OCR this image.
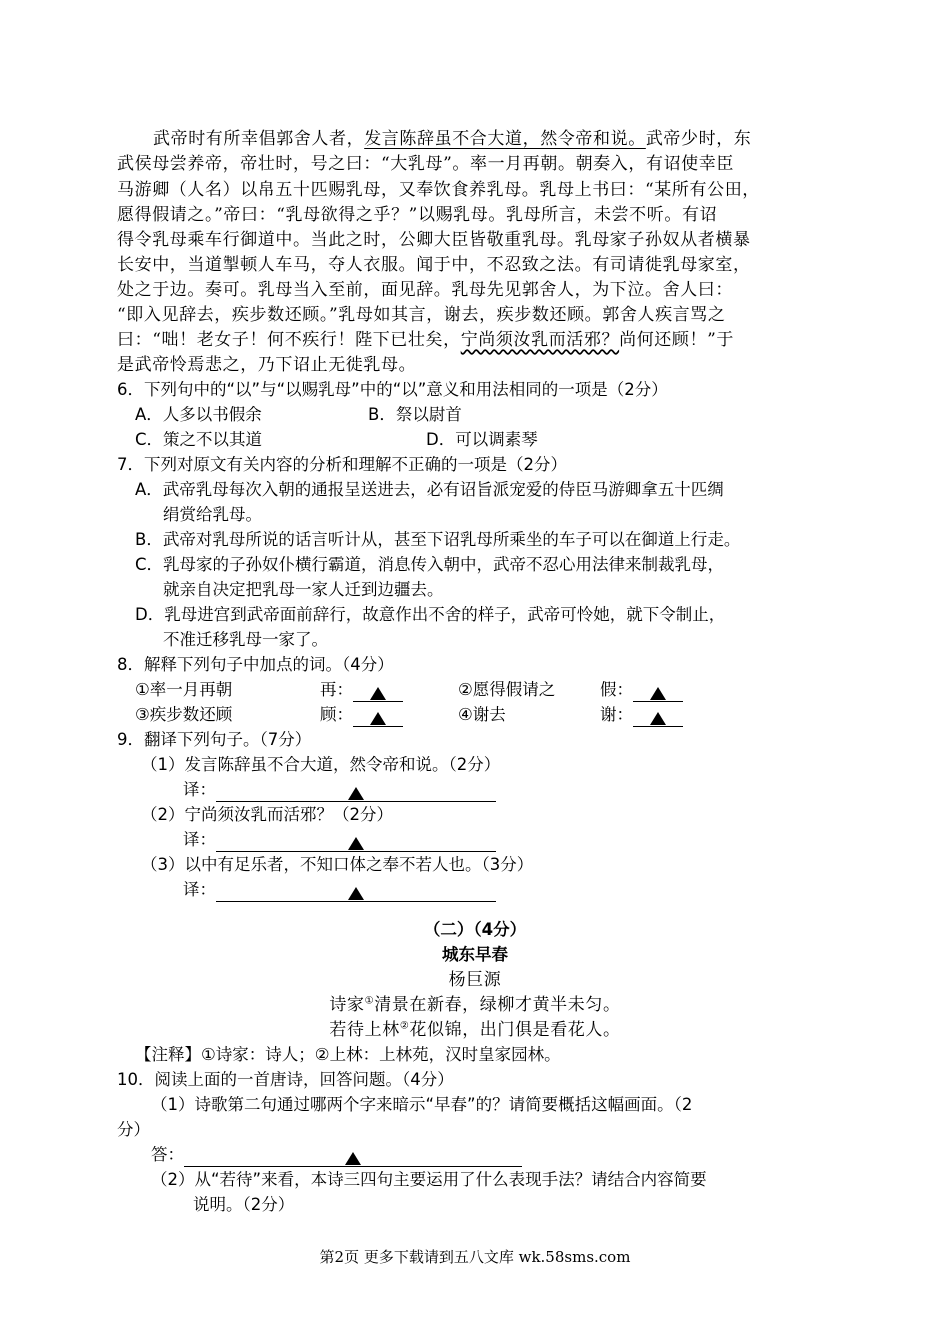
武帝时有所幸倡郭舍人者，发言陈辞虽不合大道，然令帝和说。武帝少时，东
武侯母尝养帝，帝壮时，号之曰：“大乳母”。率一月再朝。朝奏入，有诏使幸臣
马游卿（人名）以帛五十匹赐乳母，又奉饮食养乳母。乳母上书曰：“某所有公田，
愿得假请之。”帝曰：“乳母欲得之乎？”以赐乳母。乳母所言，未尝不听。有诏
得令乳母乘车行御道中。当此之时，公卿大臣皆敬重乳母。乳母家子孙奴从者横暴
长安中，当道掣顿人车马，夺人衣服。闻于中，不忍致之法。有司请徙乳母家室，
处之于边。奏可。乳母当入至前，面见辞。乳母先见郭舍人，为下泣。舍人曰：
“即入见辞去，疾步数还顾。”乳母如其言，谢去，疾步数还顾。郭舍人疾言骂之
曰：“咄！老女子！何不疾行！陛下已壮矣，宁尚须汝乳而活邪？尚何还顾！”于
是武帝怜焉悲之，乃下诏止无徙乳母。
6．下列句中的“以”与“以赐乳母”中的“以”意义和用法相同的一项是（2分）
A．人多以书假余	B．祭以尉首
C．策之不以其道	D．可以调素琴
7．下列对原文有关内容的分析和理解不正确的一项是（2分）
A．武帝乳母每次入朝的通报呈送进去，必有诏旨派宠爱的侍臣马游卿拿五十匹绸
绢赏给乳母。
B．武帝对乳母所说的话言听计从，甚至下诏乳母所乘坐的车子可以在御道上行走。
C．乳母家的子孙奴仆横行霸道，消息传入朝中，武帝不忍心用法律来制裁乳母，
就亲自决定把乳母一家人迁到边疆去。
D．乳母进宫到武帝面前辞行，故意作出不舍的样子，武帝可怜她，就下令制止，
不准迁移乳母一家了。
8．解释下列句子中加点的词。（4分）
①率一月再朝	再：	②愿得假请之	假：
③疾步数还顾	顾：	④谢去	谢：
9．翻译下列句子。（7分）
（1）发言陈辞虽不合大道，然令帝和说。（2分）
译：
（2）宁尚须汝乳而活邪？（2分）
译：
（3）以中有足乐者，不知口体之奉不若人也。（3分）
译：
（二）（4分）
城东早春
杨巨源
诗家①清景在新春，绿柳才黄半未匀。
若待上林②花似锦，出门俱是看花人。
【注释】①诗家：诗人；②上林：上林苑，汉时皇家园林。
10．阅读上面的一首唐诗，回答问题。（4分）
（1）诗歌第二句通过哪两个字来暗示“早春”的？请简要概括这幅画面。（2
分）
答：
（2）从“若待”来看，本诗三四句主要运用了什么表现手法？请结合内容简要
说明。（2分）
第2页 更多下载请到五八文库 wk.58sms.com
